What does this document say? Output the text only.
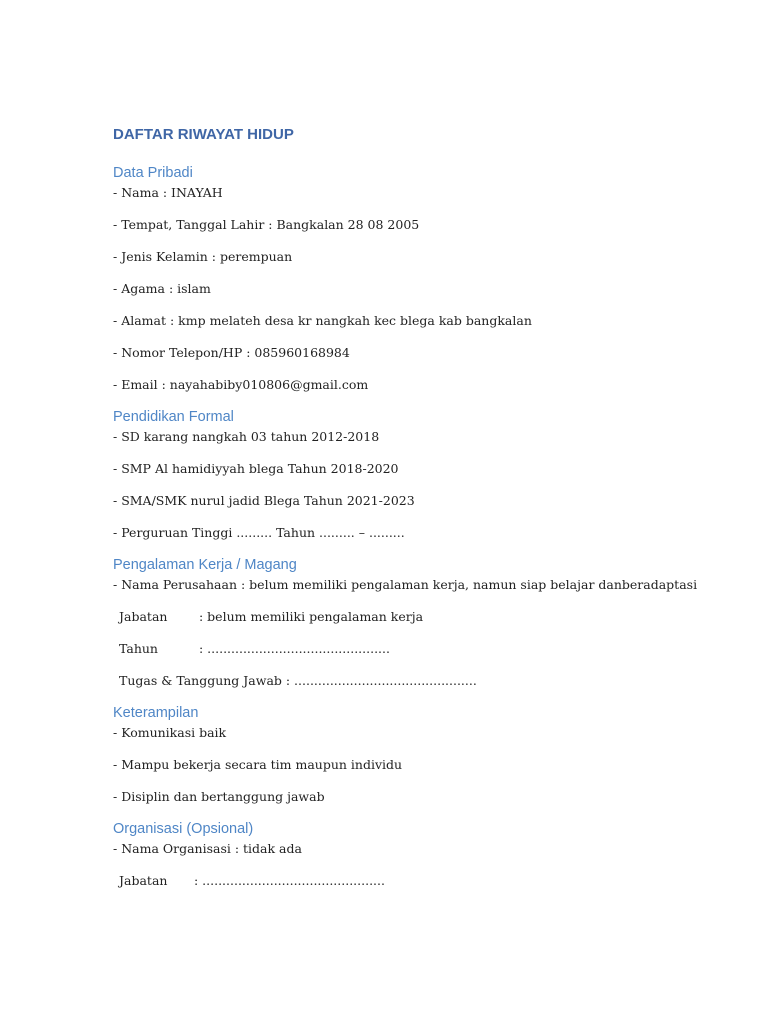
DAFTAR RIWAYAT HIDUP
Data Pribadi
- Nama : INAYAH
- Tempat, Tanggal Lahir : Bangkalan 28 08 2005
- Jenis Kelamin : perempuan
- Agama : islam
- Alamat : kmp melateh desa kr nangkah kec blega kab bangkalan
- Nomor Telepon/HP : 085960168984
- Email : nayahabiby010806@gmail.com
Pendidikan Formal
- SD karang nangkah 03 tahun 2012-2018
- SMP Al hamidiyyah blega Tahun 2018-2020
- SMA/SMK nurul jadid Blega Tahun 2021-2023
- Perguruan Tinggi ......... Tahun ......... – .........
Pengalaman Kerja / Magang
- Nama Perusahaan : belum memiliki pengalaman kerja, namun siap belajar danberadaptasi
Jabatan	: belum memiliki pengalaman kerja
Tahun	: ..............................................
Tugas & Tanggung Jawab : ..............................................
Keterampilan
- Komunikasi baik
- Mampu bekerja secara tim maupun individu
- Disiplin dan bertanggung jawab
Organisasi (Opsional)
- Nama Organisasi : tidak ada
Jabatan : ..............................................
